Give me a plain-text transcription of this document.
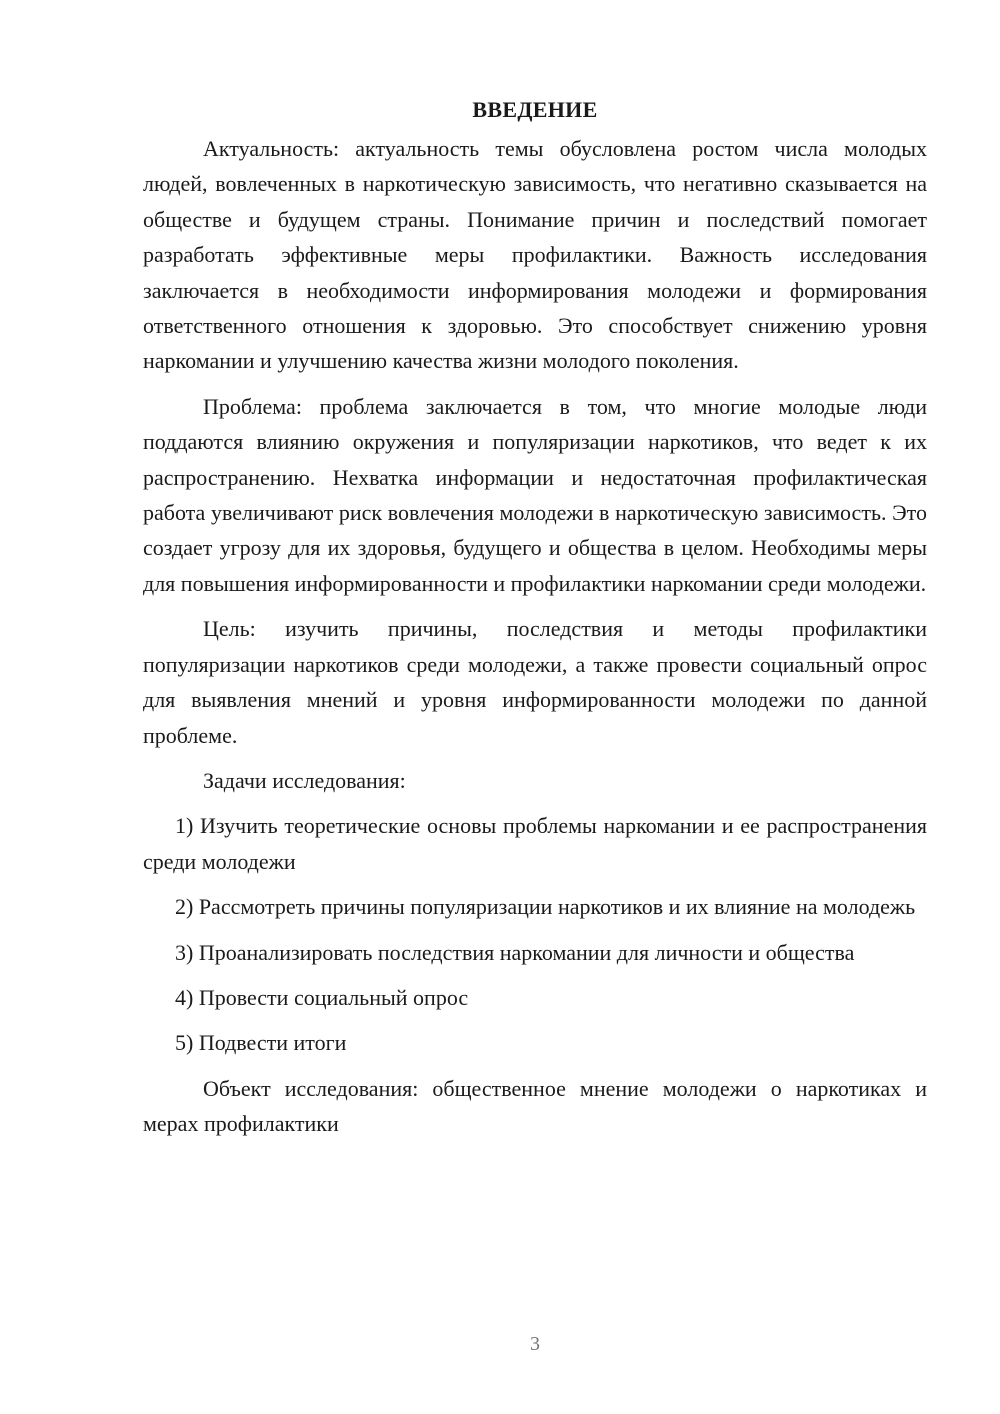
ВВЕДЕНИЕ

Актуальность: актуальность темы обусловлена ростом числа молодых людей, вовлеченных в наркотическую зависимость, что негативно сказывается на обществе и будущем страны. Понимание причин и последствий помогает разработать эффективные меры профилактики. Важность исследования заключается в необходимости информирования молодежи и формирования ответственного отношения к здоровью. Это способствует снижению уровня наркомании и улучшению качества жизни молодого поколения.

Проблема: проблема заключается в том, что многие молодые люди поддаются влиянию окружения и популяризации наркотиков, что ведет к их распространению. Нехватка информации и недостаточная профилактическая работа увеличивают риск вовлечения молодежи в наркотическую зависимость. Это создает угрозу для их здоровья, будущего и общества в целом. Необходимы меры для повышения информированности и профилактики наркомании среди молодежи.

Цель: изучить причины, последствия и методы профилактики популяризации наркотиков среди молодежи, а также провести социальный опрос для выявления мнений и уровня информированности молодежи по данной проблеме.

Задачи исследования:

1) Изучить теоретические основы проблемы наркомании и ее распространения среди молодежи

2) Рассмотреть причины популяризации наркотиков и их влияние на молодежь

3) Проанализировать последствия наркомании для личности и общества

4) Провести социальный опрос

5) Подвести итоги

Объект исследования: общественное мнение молодежи о наркотиках и мерах профилактики

3
